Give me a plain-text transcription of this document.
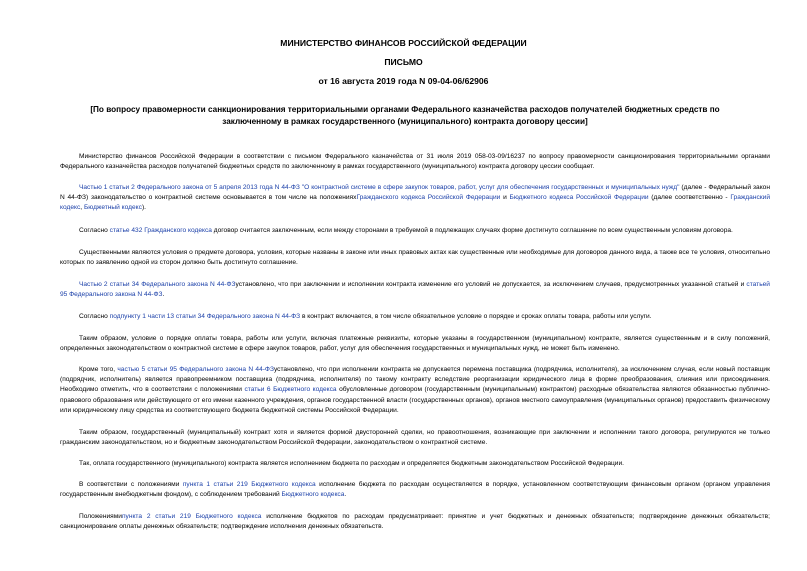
МИНИСТЕРСТВО ФИНАНСОВ РОССИЙСКОЙ ФЕДЕРАЦИИ
ПИСЬМО
от 16 августа 2019 года N 09-04-06/62906
[По вопросу правомерности санкционирования территориальными органами Федерального казначейства расходов получателей бюджетных средств по заключенному в рамках государственного (муниципального) контракта договору цессии]

Министерство финансов Российской Федерации в соответствии с письмом Федерального казначейства от 31 июля 2019 058-03-09/16237 по вопросу правомерности санкционирования территориальными органами Федерального казначейства расходов получателей бюджетных средств по заключенному в рамках государственного (муниципального) контракта договору цессии сообщает.

Частью 1 статьи 2 Федерального закона от 5 апреля 2013 года N 44-ФЗ "О контрактной системе в сфере закупок товаров, работ, услуг для обеспечения государственных и муниципальных нужд" (далее - Федеральный закон N 44-ФЗ) законодательство о контрактной системе основывается в том числе на положенияхГражданского кодекса Российской Федерации и Бюджетного кодекса Российской Федерации (далее соответственно - Гражданский кодекс, Бюджетный кодекс).

Согласно статье 432 Гражданского кодекса договор считается заключенным, если между сторонами в требуемой в подлежащих случаях форме достигнуто соглашение по всем существенным условиям договора.

Существенными являются условия о предмете договора, условия, которые названы в законе или иных правовых актах как существенные или необходимые для договоров данного вида, а также все те условия, относительно которых по заявлению одной из сторон должно быть достигнуто соглашение.

Частью 2 статьи 34 Федерального закона N 44-ФЗустановлено, что при заключении и исполнении контракта изменение его условий не допускается, за исключением случаев, предусмотренных указанной статьей и статьей 95 Федерального закона N 44-ФЗ.

Согласно подпункту 1 части 13 статьи 34 Федерального закона N 44-ФЗ в контракт включается, в том числе обязательное условие о порядке и сроках оплаты товара, работы или услуги.

Таким образом, условие о порядке оплаты товара, работы или услуги, включая платежные реквизиты, которые указаны в государственном (муниципальном) контракте, является существенным и в силу положений, определенных законодательством о контрактной системе в сфере закупок товаров, работ, услуг для обеспечения государственных и муниципальных нужд, не может быть изменено.

Кроме того, частью 5 статьи 95 Федерального закона N 44-ФЗустановлено, что при исполнении контракта не допускается перемена поставщика (подрядчика, исполнителя), за исключением случая, если новый поставщик (подрядчик, исполнитель) является правопреемником поставщика (подрядчика, исполнителя) по такому контракту вследствие реорганизации юридического лица в форме преобразования, слияния или присоединения. Необходимо отметить, что в соответствии с положениями статьи 6 Бюджетного кодекса обусловленные договором (государственным (муниципальным) контрактом) расходные обязательства являются обязанностью публично-правового образования или действующего от его имени казенного учреждения, органов государственной власти (государственных органов), органов местного самоуправления (муниципальных органов) предоставить физическому или юридическому лицу средства из соответствующего бюджета бюджетной системы Российской Федерации.

Таким образом, государственный (муниципальный) контракт хотя и является формой двусторонней сделки, но правоотношения, возникающие при заключении и исполнении такого договора, регулируются не только гражданским законодательством, но и бюджетным законодательством Российской Федерации, законодательством о контрактной системе.

Так, оплата государственного (муниципального) контракта является исполнением бюджета по расходам и определяется бюджетным законодательством Российской Федерации.

В соответствии с положениями пункта 1 статьи 219 Бюджетного кодекса исполнение бюджета по расходам осуществляется в порядке, установленном соответствующим финансовым органом (органом управления государственным внебюджетным фондом), с соблюдением требований Бюджетного кодекса.

Положениямипункта 2 статьи 219 Бюджетного кодекса исполнение бюджетов по расходам предусматривает: принятие и учет бюджетных и денежных обязательств; подтверждение денежных обязательств; санкционирование оплаты денежных обязательств; подтверждение исполнения денежных обязательств.
